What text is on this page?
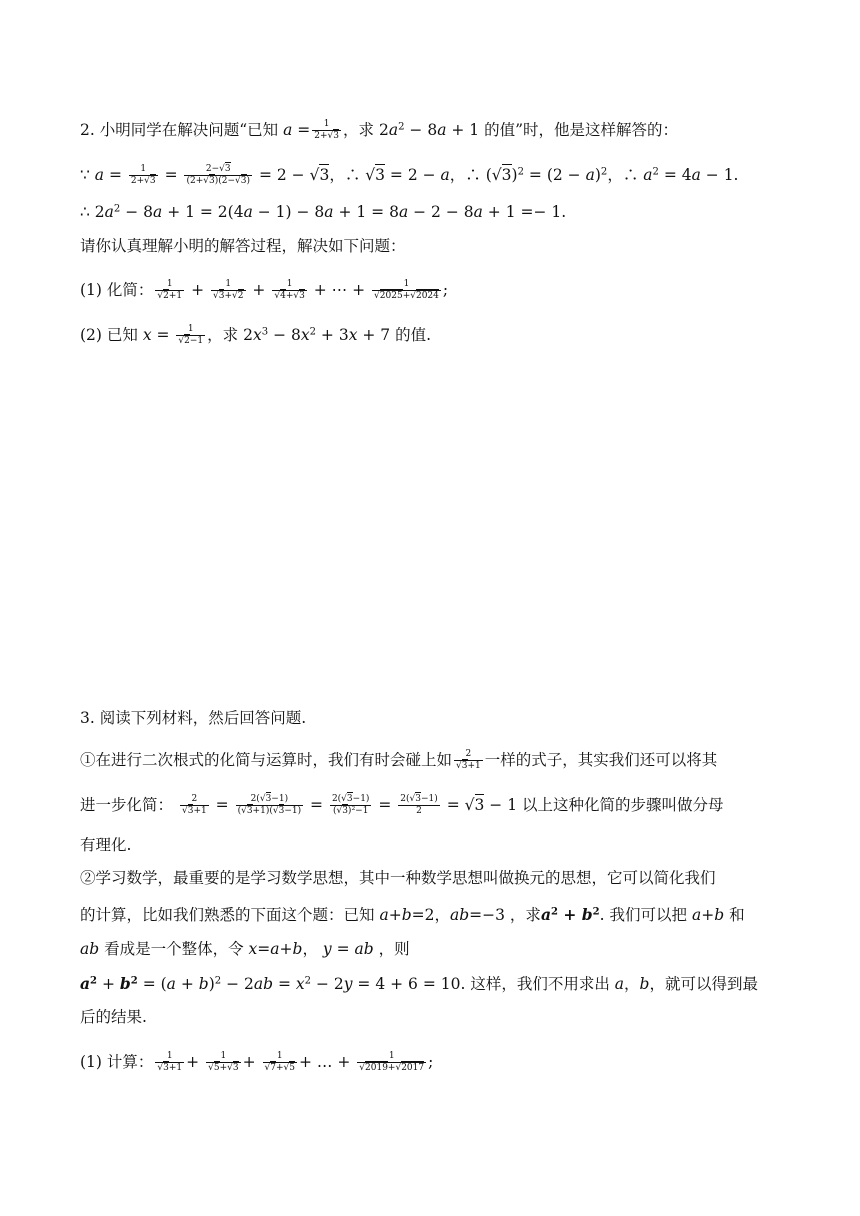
2. 小明同学在解决问题“已知 $a = \frac{1}{2+√3}$ ，求 $2a^2 - 8a + 1$ 的值”时，他是这样解答的：
∵ $a = \frac{1}{2+√3} = \frac{2-√3}{(2+√3)(2-√3)} = 2 - √3$，∴ √3 = 2 − a，∴ $(√3)^2 = (2 - a)^2$，∴ $a^2 = 4a - 1$.
∴ $2a^2 - 8a + 1 = 2(4a - 1) - 8a + 1 = 8a - 2 - 8a + 1 =- 1$.
请你认真理解小明的解答过程，解决如下问题：
(1) 化简： $\frac{1}{√2+1} + \frac{1}{√3+√2} + \frac{1}{√4+√3}$ + ⋯ + $\frac{1}{√2025+√2024}$ ;
(2) 已知 $x = \frac{1}{√2-1}$ ，求 $2x^3 - 8x^2 + 3x + 7$ 的值.
3. 阅读下列材料，然后回答问题.
①在进行二次根式的化简与运算时，我们有时会碰上如 $\frac{2}{√3+1}$ 一样的式子，其实我们还可以将其
进一步化简： $\frac{2}{√3+1} = \frac{2(√3-1)}{(√3+1)(√3-1)} = \frac{2(√3-1)}{(√3)^2-1} = \frac{2(√3-1)}{2} = √3 - 1$ 以上这种化简的步骤叫做分母
有理化.
②学习数学，最重要的是学习数学思想，其中一种数学思想叫做换元的思想，它可以简化我们
的计算，比如我们熟悉的下面这个题：已知 a+b=2，ab=−3 ，求$a^2 + b^2$. 我们可以把 a+b 和
ab 看成是一个整体，令 x=a+b， y = ab ，则
$a^2 + b^2 = (a + b)^2 - 2ab = x^2 - 2y = 4 + 6 = 10$. 这样，我们不用求出 a，b，就可以得到最
后的结果.
(1) 计算： $\frac{1}{√3+1} + \frac{1}{√5+√3} + \frac{1}{√7+√5}$ + … + $\frac{1}{√2019+√2017}$ ;
